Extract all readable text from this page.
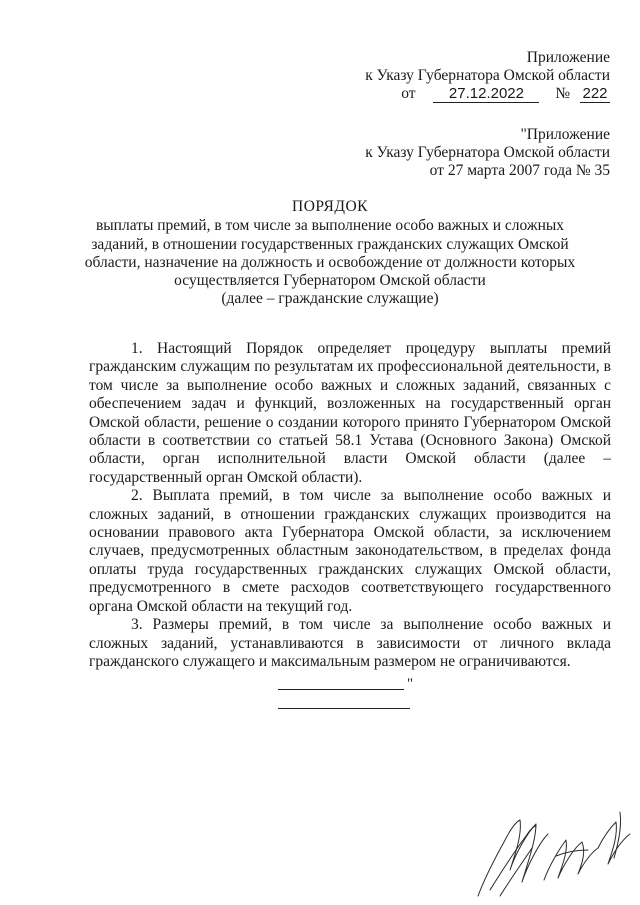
Приложение
к Указу Губернатора Омской области
от 27.12.2022 № 222
"Приложение
к Указу Губернатора Омской области
от 27 марта 2007 года № 35
ПОРЯДОК
выплаты премий, в том числе за выполнение особо важных и сложных
заданий, в отношении государственных гражданских служащих Омской
области, назначение на должность и освобождение от должности которых
осуществляется Губернатором Омской области
(далее – гражданские служащие)

1. Настоящий Порядок определяет процедуру выплаты премий гражданским служащим по результатам их профессиональной деятельности, в том числе за выполнение особо важных и сложных заданий, связанных с обеспечением задач и функций, возложенных на государственный орган Омской области, решение о создании которого принято Губернатором Омской области в соответствии со статьей 58.1 Устава (Основного Закона) Омской области, орган исполнительной власти Омской области (далее – государственный орган Омской области).

2. Выплата премий, в том числе за выполнение особо важных и сложных заданий, в отношении гражданских служащих производится на основании правового акта Губернатора Омской области, за исключением случаев, предусмотренных областным законодательством, в пределах фонда оплаты труда государственных гражданских служащих Омской области, предусмотренного в смете расходов соответствующего государственного органа Омской области на текущий год.

3. Размеры премий, в том числе за выполнение особо важных и сложных заданий, устанавливаются в зависимости от личного вклада гражданского служащего и максимальным размером не ограничиваются.

"
